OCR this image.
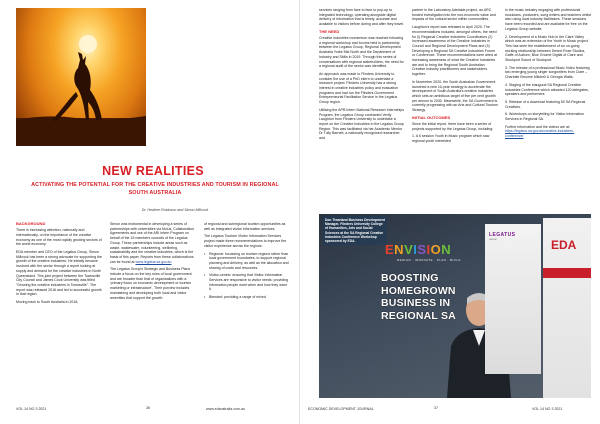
NEW REALITIES
ACTIVATING THE POTENTIAL FOR THE CREATIVE INDUSTRIES AND TOURISM IN REGIONAL SOUTH AUSTRALIA
Dr. Heather Robinson and Simon Millcock
BACKGROUND

There is increasing attention, nationally and internationally, on the importance of the creative economy as one of the most rapidly growing sectors of the world economy.

EDA member and CEO of the Legatus Group, Simon Millcock has been a strong advocate for supporting the growth of the creative industries. He initially became involved with the sector through a report looking at supply and demand for the creative industries in North Queensland. This joint project between the Townsville City Council and James Cook University was titled "Growing the creative industries in Townsville". The report was released 2016 and led to successful growth in that region.

Moving back to South Australia in 2018,

Simon was instrumental in developing a series of partnerships with universities via MoUs, Collaboration Agreements and use of the ARI Intern Program on behalf of the 15 members councils of the Legatus Group. These partnerships include areas such as waste, wastewater, volunteering, wellbeing, sustainability and the creative industries, which is the basis of this paper. Reports from these collaborations can be found at www.legatus.sa.gov.au

The Legatus Group's Strategic and Business Plans include a focus on the key roles of local government and are broader than that of organisations with a 'primary focus on economic development or tourism marketing or infrastructure'. Their purview includes maintaining and developing both local and visitor amenities that support the growth

of regional and subregional tourism opportunities as well as integrated visitor information services.

The Legatus Tourism Visitor Information Services project made three recommendations to improve the visitor experience across the regions:

• Regional: focussing on tourism regions rather than local government boundaries, to support regional planning and delivery, as well as the allocation and sharing of costs and resources.
• Visitor-centric: ensuring that Visitor Information Services are responsive to visitor needs: providing information people want when and how they want it.
• Blended: providing a range of mixed
VOL 14 NO 3 2021	36	www.edaustralia.com.au

services ranging from face to face to pop-up to integrated technology, operating alongside digital delivery of information that is timely, accurate and available to visitors before during and after they travel.

THE NEED

Creative Industries momentum was reached following a regional workshop and forums held in partnership between the Legatus Group, Regional Development Australia Yorke Mid North and the Department of Industry and Skills in 2019. Through this series of conversations with regional stakeholders, the need for a regional audit of the sector was identified.

An approach was made to Flinders University to consider the use of a PhD intern to undertake a research project. Flinders University has a strong interest in creative industries policy and evaluation programs and had run the Flinders Government Entrepreneurial Facilitation Service in the Legatus Group region.

Utilising the APR.Intern National Research Internships Program, the Legatus Group contracted Verity Laughton from Flinders University to undertake a report on the Creative Industries in the Legatus Group Region. This was facilitated via her Academic Mentor Dr Tully Barnett, a nationally recognised researcher and

partner in the Laboratory Adelaide project, an ARC funded investigation into the non-economic value and impacts of the cultural sector within communities.

Laughton's report was released in April 2020. The recommendations included, amongst others, the need for (i) Regional Creative Industries Coordinators (2) Increased awareness of the Creative Industries in Council and Regional Development Plans and (3) Developing a Regional SA Creative Industries Forum or Conference. These recommendations were aired at increasing awareness of what the Creative Industries are and to bring the Regional South Australian Creative Industry practitioners and stakeholders together.

In November 2020, the South Australian Government launched a new 10-year strategy to accelerate the development of South Australia's creative industries which sets an ambitious target of five per cent growth per annum to 2030. Meanwhile, the SA Government is currently progressing with an Arts and Cultural Tourism Strategy.

INITIAL OUTCOMES

Since the initial report, there have been a series of projects supported by the Legatus Group, including:

1. A 6 session Youth in Music program which saw regional youth interested

in the music industry engaging with professional musicians, producers, song writers and teachers whilst also using local industry facilitators. These sessions have been recorded and are available for free on the Legatus Group website.

2. Development of a Music Hub in the Clare Valley which was an extension of the Youth in Music project. This has seen the establishment of an on-going working relationship between Desert Rose Studios, Gaffe of Auburn, Blue Gnome Digital of Clare and Stockport Sound of Stockport.

3. The release of a professional Music Video featuring two emerging young singer songwriters from Clare – Charlotte Broome Mitchell & Georgia Watts.

4. Staging of the inaugural SA Regional Creative Industries Conference which attracted 120 delegates, speakers and performers.

5. Release of a download featuring 50 SA Regional Creatives.

6. Workshops on storytelling for Visitor Information Services in Regional SA.

Further information and the videos are at: https://legatus.sa.gov.au/creative-industries-conference/

37
ECONOMIC DEVELOPMENT JOURNAL	VOL 14 NO 3 2021
Don Tiwariand Business Development Manager, Flinders University College of Humanities, Arts and Social Sciences at the SA Regional Creative Industries Conference Workshop sponsored by EDA.
ENVISION
DESIGN · INNOVATE · PLAN · BUILD
BOOSTING
HOMEGROWN
BUSINESS IN
REGIONAL SA
LEGATUS
GROUP	EDA
